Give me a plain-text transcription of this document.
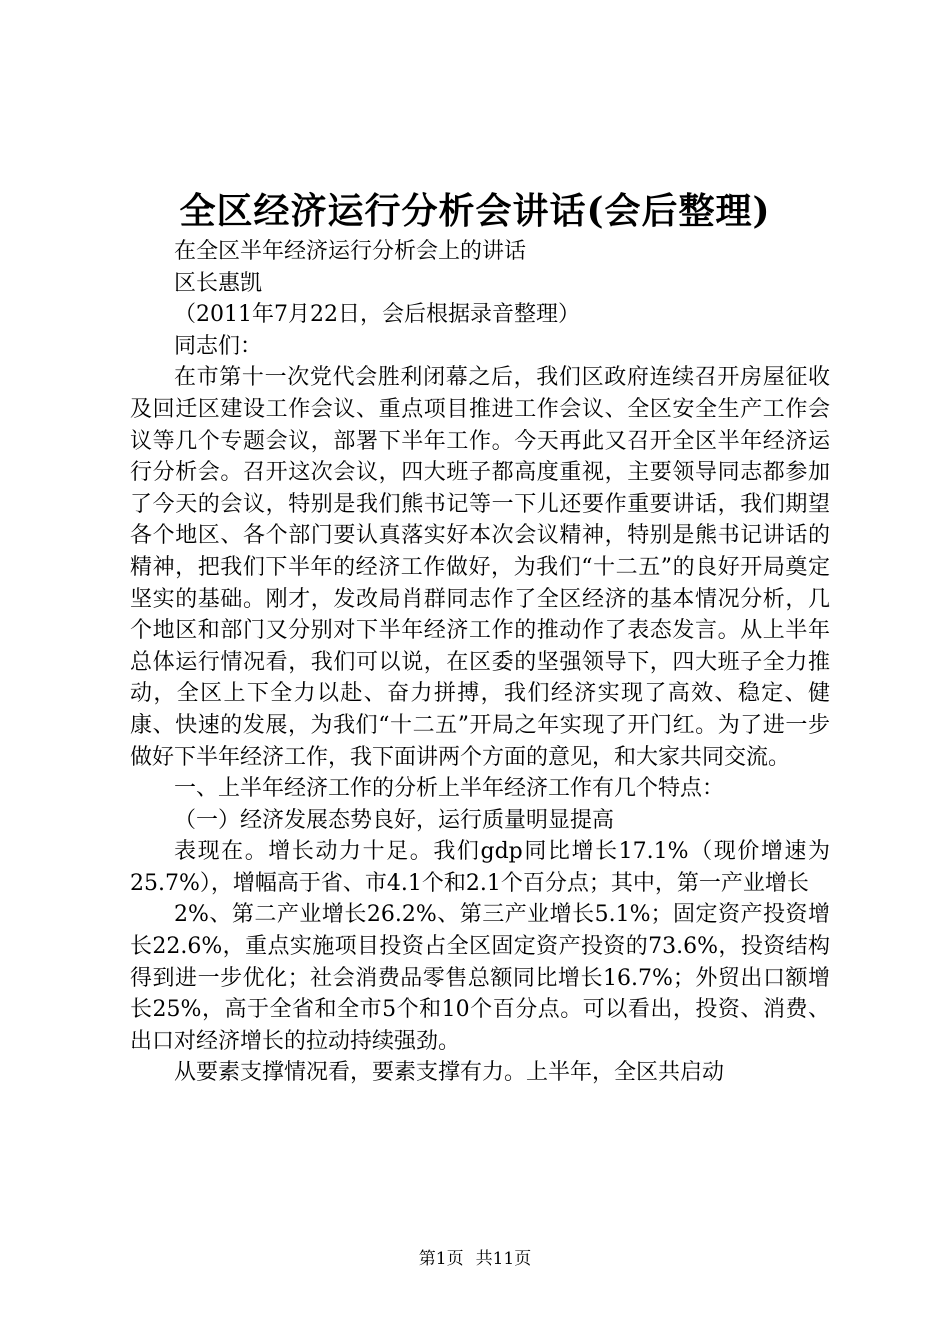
全区经济运行分析会讲话(会后整理)

在全区半年经济运行分析会上的讲话

区长惠凯

（2011年7月22日，会后根据录音整理）

同志们：

在市第十一次党代会胜利闭幕之后，我们区政府连续召开房屋征收及回迁区建设工作会议、重点项目推进工作会议、全区安全生产工作会议等几个专题会议，部署下半年工作。今天再此又召开全区半年经济运行分析会。召开这次会议，四大班子都高度重视，主要领导同志都参加了今天的会议，特别是我们熊书记等一下儿还要作重要讲话，我们期望各个地区、各个部门要认真落实好本次会议精神，特别是熊书记讲话的精神，把我们下半年的经济工作做好，为我们“十二五”的良好开局奠定坚实的基础。刚才，发改局肖群同志作了全区经济的基本情况分析，几个地区和部门又分别对下半年经济工作的推动作了表态发言。从上半年总体运行情况看，我们可以说，在区委的坚强领导下，四大班子全力推动，全区上下全力以赴、奋力拼搏，我们经济实现了高效、稳定、健康、快速的发展，为我们“十二五”开局之年实现了开门红。为了进一步做好下半年经济工作，我下面讲两个方面的意见，和大家共同交流。

一、上半年经济工作的分析上半年经济工作有几个特点：

（一）经济发展态势良好，运行质量明显提高

表现在。增长动力十足。我们gdp同比增长17.1%（现价增速为25.7%），增幅高于省、市4.1个和2.1个百分点；其中，第一产业增长

2%、第二产业增长26.2%、第三产业增长5.1%；固定资产投资增长22.6%，重点实施项目投资占全区固定资产投资的73.6%，投资结构得到进一步优化；社会消费品零售总额同比增长16.7%；外贸出口额增长25%，高于全省和全市5个和10个百分点。可以看出，投资、消费、出口对经济增长的拉动持续强劲。

从要素支撑情况看，要素支撑有力。上半年，全区共启动

第1页 共11页
